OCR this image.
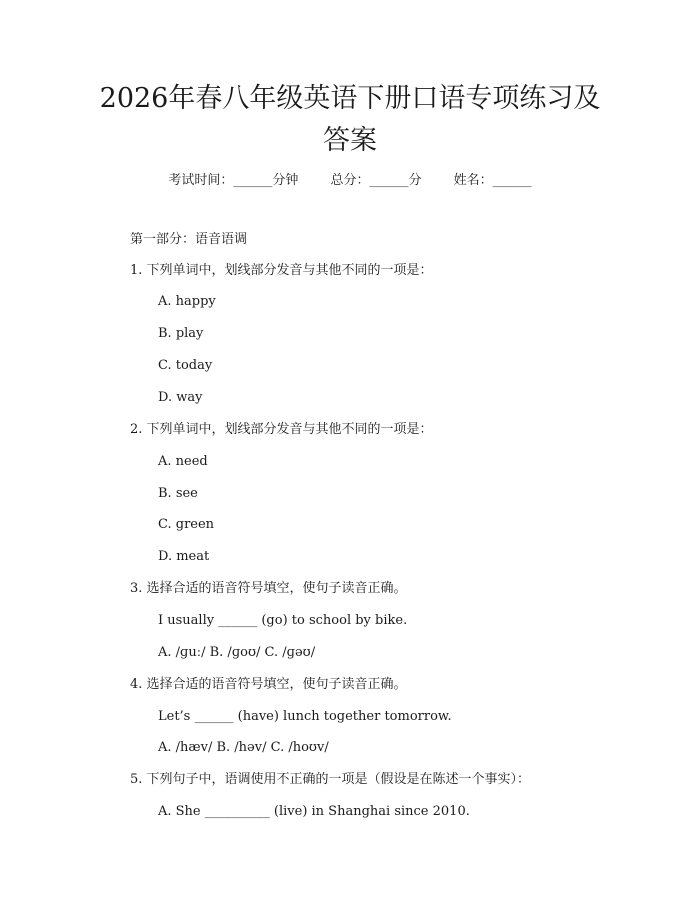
2026年春八年级英语下册口语专项练习及答案
考试时间：______分钟 总分：______分 姓名：______
第一部分：语音语调
1. 下列单词中，划线部分发音与其他不同的一项是：
A. happy
B. play
C. today
D. way
2. 下列单词中，划线部分发音与其他不同的一项是：
A. need
B. see
C. green
D. meat
3. 选择合适的语音符号填空，使句子读音正确。
I usually ______ (go) to school by bike.
A. /ɡuː/ B. /ɡoʊ/ C. /ɡəʊ/
4. 选择合适的语音符号填空，使句子读音正确。
Let’s ______ (have) lunch together tomorrow.
A. /hæv/ B. /həv/ C. /hoʊv/
5. 下列句子中，语调使用不正确的一项是（假设是在陈述一个事实）：
A. She __________ (live) in Shanghai since 2010.
